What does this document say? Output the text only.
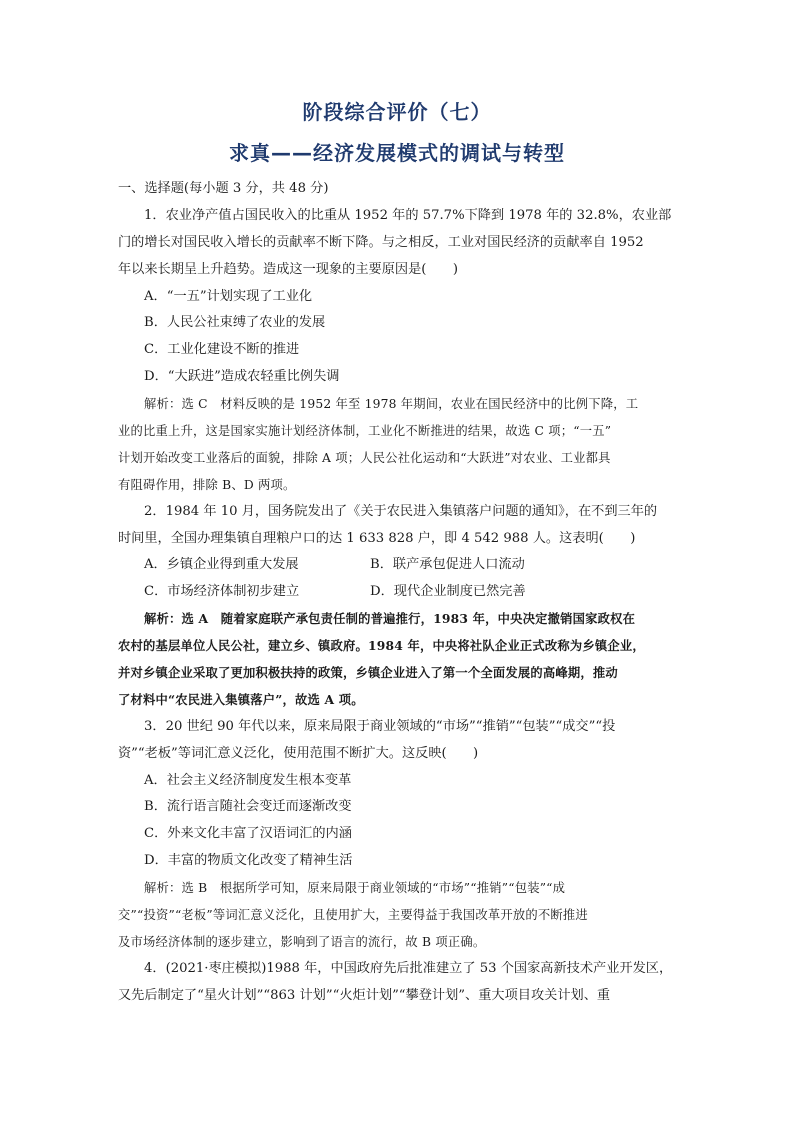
阶段综合评价（七）
求真——经济发展模式的调试与转型
一、选择题(每小题 3 分，共 48 分)
1．农业净产值占国民收入的比重从 1952 年的 57.7%下降到 1978 年的 32.8%，农业部
门的增长对国民收入增长的贡献率不断下降。与之相反，工业对国民经济的贡献率自 1952
年以来长期呈上升趋势。造成这一现象的主要原因是(　　)
A．“一五”计划实现了工业化
B．人民公社束缚了农业的发展
C．工业化建设不断的推进
D．“大跃进”造成农轻重比例失调
解析：选 C　材料反映的是 1952 年至 1978 年期间，农业在国民经济中的比例下降，工
业的比重上升，这是国家实施计划经济体制，工业化不断推进的结果，故选 C 项；“一五”
计划开始改变工业落后的面貌，排除 A 项；人民公社化运动和“大跃进”对农业、工业都具
有阻碍作用，排除 B、D 两项。
2．1984 年 10 月，国务院发出了《关于农民进入集镇落户问题的通知》，在不到三年的
时间里，全国办理集镇自理粮户口的达 1 633 828 户，即 4 542 988 人。这表明(　　)
A．乡镇企业得到重大发展	B．联产承包促进人口流动
C．市场经济体制初步建立	D．现代企业制度已然完善
解析：选 A　随着家庭联产承包责任制的普遍推行，1983 年，中央决定撤销国家政权在
农村的基层单位人民公社，建立乡、镇政府。1984 年，中央将社队企业正式改称为乡镇企业，
并对乡镇企业采取了更加积极扶持的政策，乡镇企业进入了第一个全面发展的高峰期，推动
了材料中“农民进入集镇落户”，故选 A 项。
3．20 世纪 90 年代以来，原来局限于商业领域的“市场”“推销”“包装”“成交”“投
资”“老板”等词汇意义泛化，使用范围不断扩大。这反映(　　)
A．社会主义经济制度发生根本变革
B．流行语言随社会变迁而逐渐改变
C．外来文化丰富了汉语词汇的内涵
D．丰富的物质文化改变了精神生活
解析：选 B　根据所学可知，原来局限于商业领域的“市场”“推销”“包装”“成
交”“投资”“老板”等词汇意义泛化，且使用扩大，主要得益于我国改革开放的不断推进
及市场经济体制的逐步建立，影响到了语言的流行，故 B 项正确。
4．(2021·枣庄模拟)1988 年，中国政府先后批准建立了 53 个国家高新技术产业开发区，
又先后制定了“星火计划”“863 计划”“火炬计划”“攀登计划”、重大项目攻关计划、重
